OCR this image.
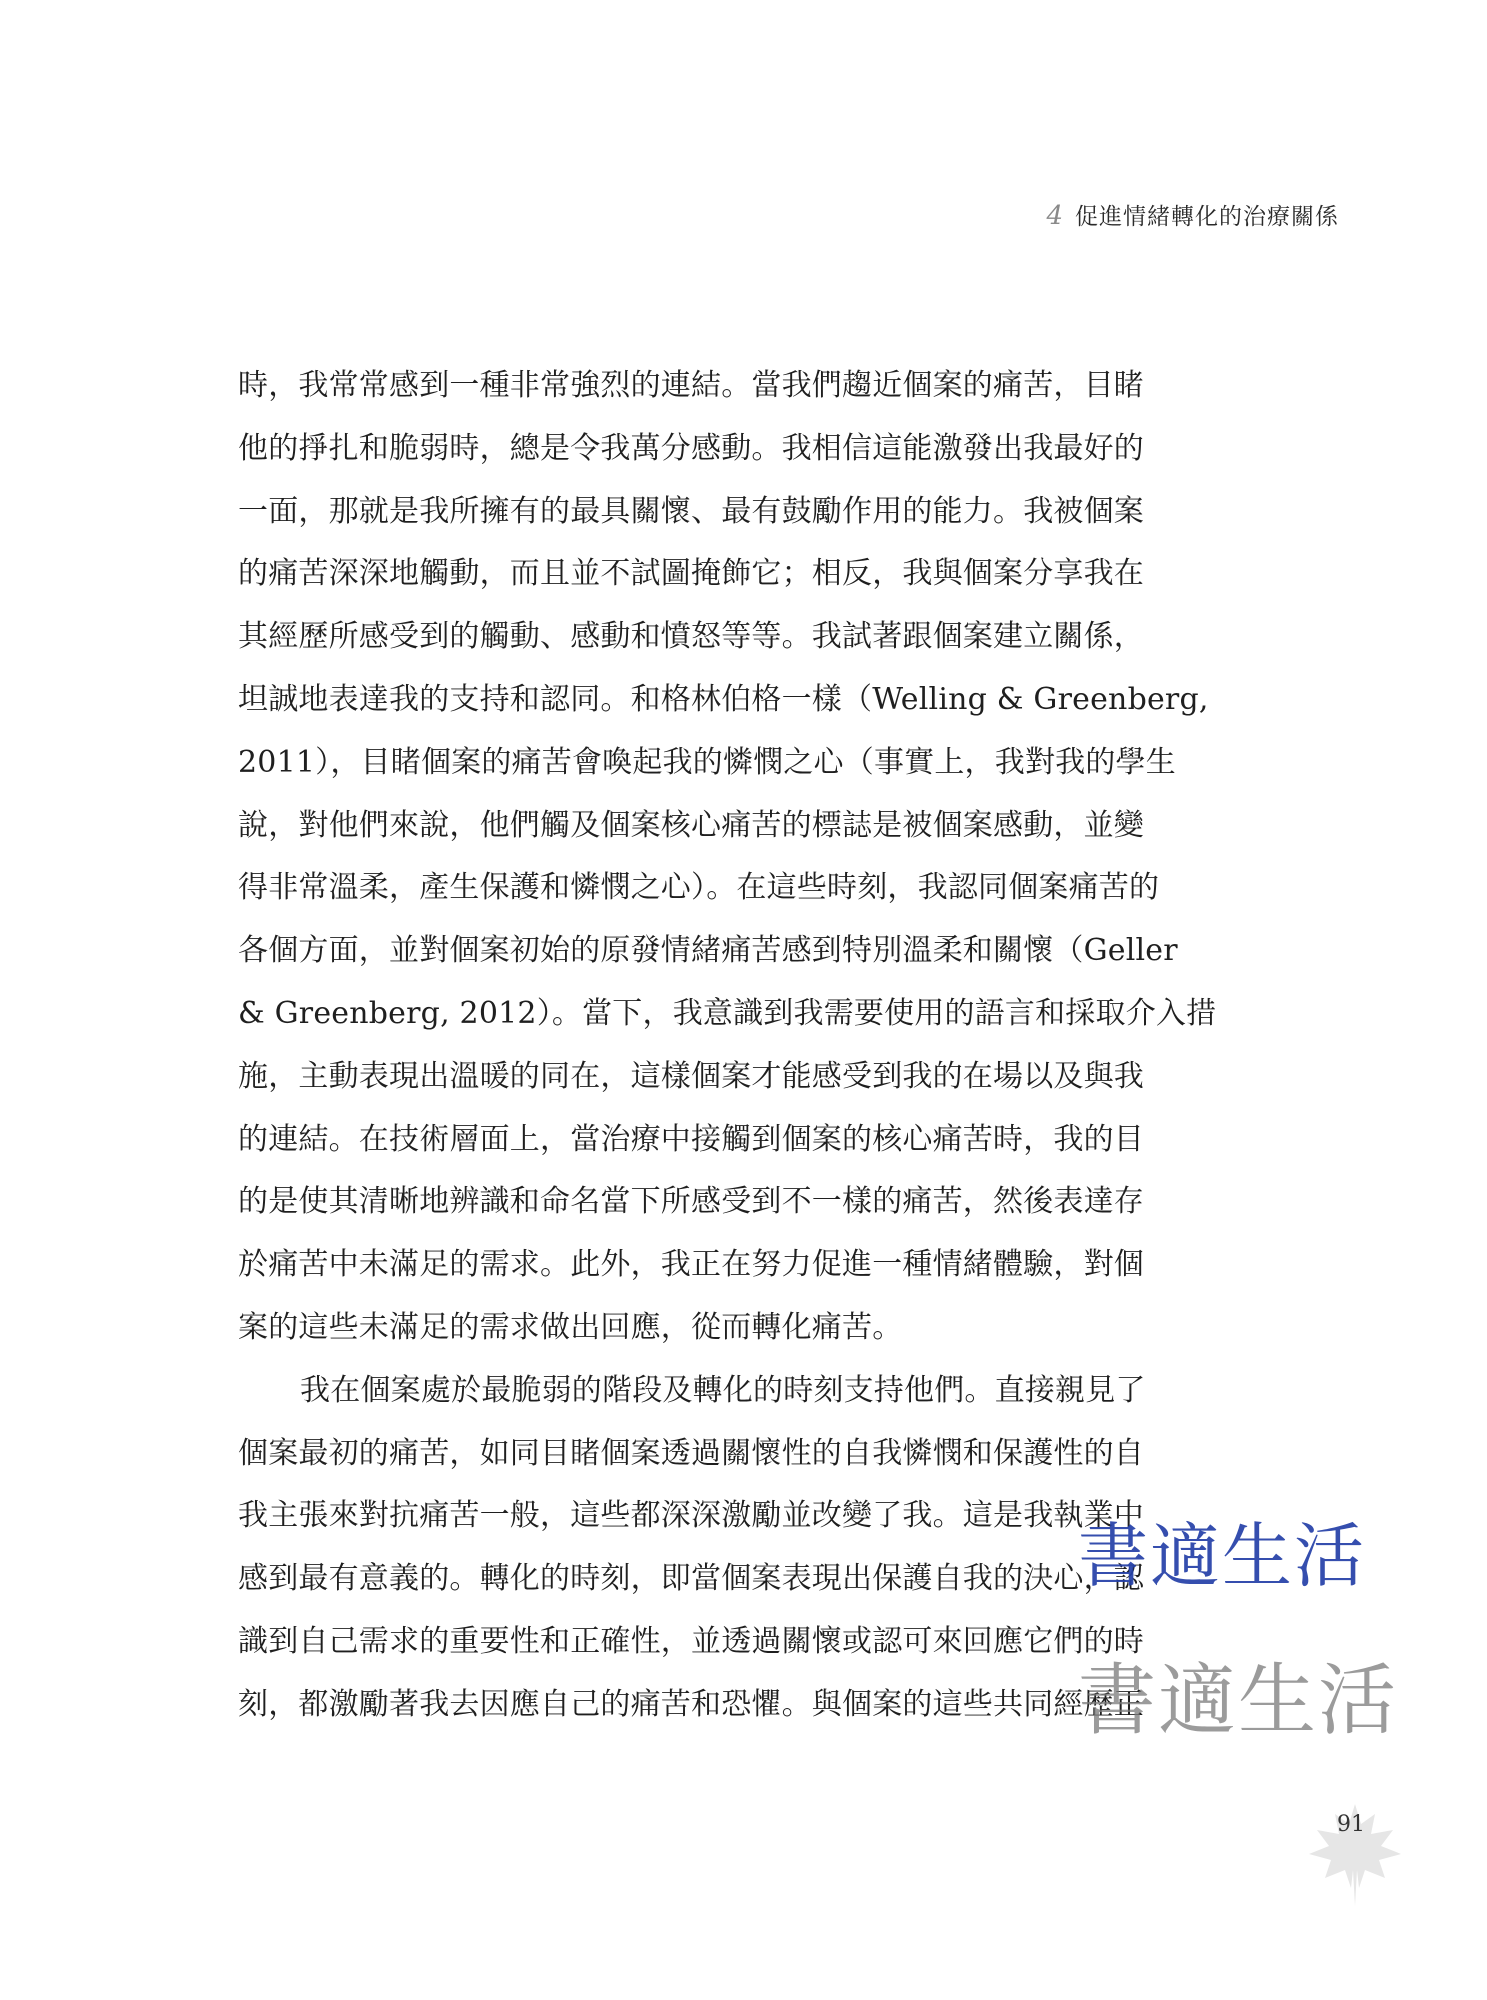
4 促進情緒轉化的治療關係
時，我常常感到一種非常強烈的連結。當我們趨近個案的痛苦，目睹
他的掙扎和脆弱時，總是令我萬分感動。我相信這能激發出我最好的
一面，那就是我所擁有的最具關懷、最有鼓勵作用的能力。我被個案
的痛苦深深地觸動，而且並不試圖掩飾它；相反，我與個案分享我在
其經歷所感受到的觸動、感動和憤怒等等。我試著跟個案建立關係，
坦誠地表達我的支持和認同。和格林伯格一樣（Welling & Greenberg,
2011），目睹個案的痛苦會喚起我的憐憫之心（事實上，我對我的學生
說，對他們來說，他們觸及個案核心痛苦的標誌是被個案感動，並變
得非常溫柔，產生保護和憐憫之心）。在這些時刻，我認同個案痛苦的
各個方面，並對個案初始的原發情緒痛苦感到特別溫柔和關懷（Geller
& Greenberg, 2012）。當下，我意識到我需要使用的語言和採取介入措
施，主動表現出溫暖的同在，這樣個案才能感受到我的在場以及與我
的連結。在技術層面上，當治療中接觸到個案的核心痛苦時，我的目
的是使其清晰地辨識和命名當下所感受到不一樣的痛苦，然後表達存
於痛苦中未滿足的需求。此外，我正在努力促進一種情緒體驗，對個
案的這些未滿足的需求做出回應，從而轉化痛苦。
我在個案處於最脆弱的階段及轉化的時刻支持他們。直接親見了
個案最初的痛苦，如同目睹個案透過關懷性的自我憐憫和保護性的自
我主張來對抗痛苦一般，這些都深深激勵並改變了我。這是我執業中
感到最有意義的。轉化的時刻，即當個案表現出保護自我的決心，認
識到自己需求的重要性和正確性，並透過關懷或認可來回應它們的時
刻，都激勵著我去因應自己的痛苦和恐懼。與個案的這些共同經歷正
書適生活
書適生活
91
